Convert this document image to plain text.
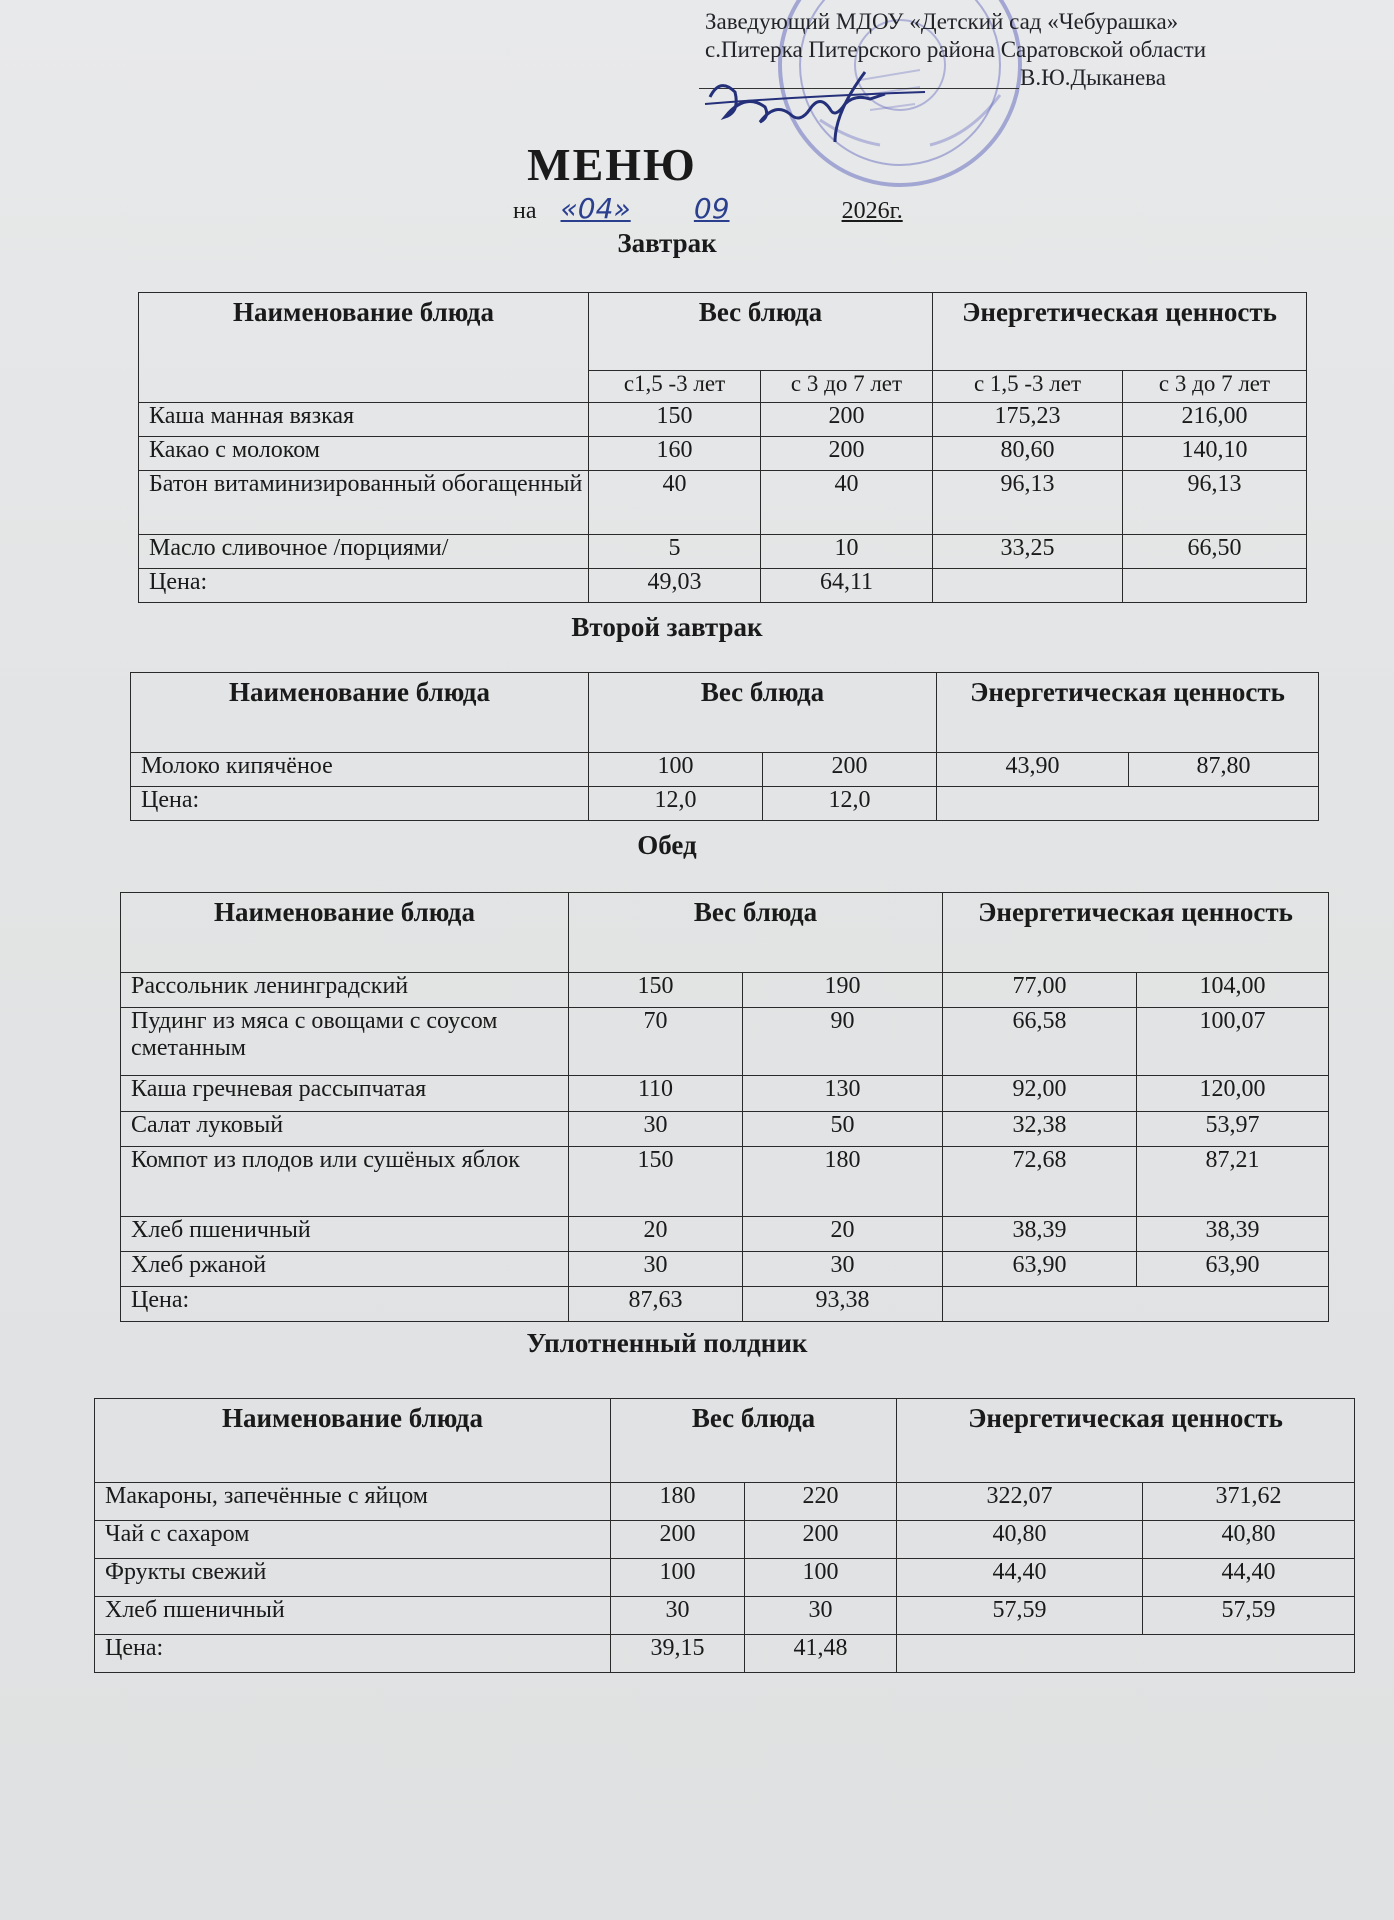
Заведующий МДОУ «Детский сад «Чебурашка»
с.Питерка Питерского района Саратовской области
В.Ю.Дыканева
МЕНЮ
на «04» 09	2026г.
Завтрак
Наименование блюда	Вес блюда		Энергетическая ценность	
	с1,5 -3 лет	с 3 до 7 лет	с 1,5 -3 лет	с 3 до 7 лет
Каша манная вязкая	150	200	175,23	216,00
Какао с молоком	160	200	80,60	140,10
Батон витаминизированный обогащенный	40	40	96,13	96,13
Масло сливочное /порциями/	5	10	33,25	66,50
Цена:	49,03	64,11		
Второй завтрак
Наименование блюда	Вес блюда		Энергетическая ценность	
Молоко кипячёное	100	200	43,90	87,80
Цена:	12,0	12,0		
Обед
Наименование блюда	Вес блюда		Энергетическая ценность	
Рассольник ленинградский	150	190	77,00	104,00
Пудинг из мяса с овощами с соусом сметанным	70	90	66,58	100,07
Каша гречневая рассыпчатая	110	130	92,00	120,00
Салат луковый	30	50	32,38	53,97
Компот из плодов или сушёных яблок	150	180	72,68	87,21
Хлеб пшеничный	20	20	38,39	38,39
Хлеб ржаной	30	30	63,90	63,90
Цена:	87,63	93,38		
Уплотненный полдник
Наименование блюда	Вес блюда		Энергетическая ценность	
Макароны, запечённые с яйцом	180	220	322,07	371,62
Чай с сахаром	200	200	40,80	40,80
Фрукты свежий	100	100	44,40	44,40
Хлеб пшеничный	30	30	57,59	57,59
Цена:	39,15	41,48		
